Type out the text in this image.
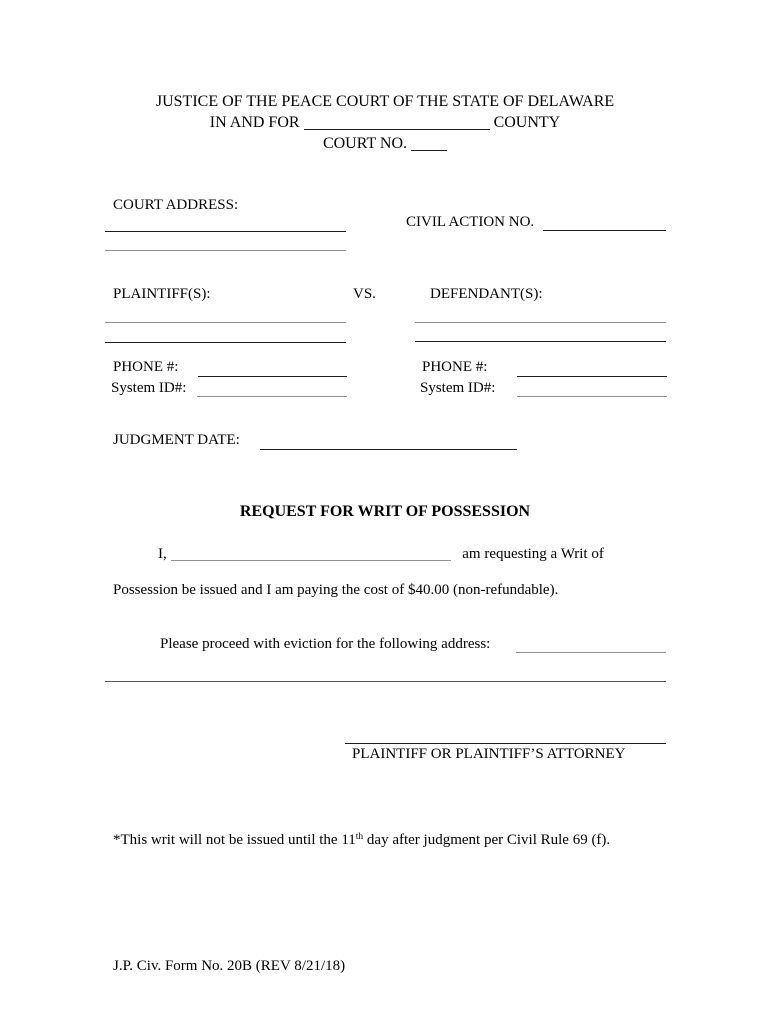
JUSTICE OF THE PEACE COURT OF THE STATE OF DELAWARE
IN AND FOR	COUNTY
COURT NO.
COURT ADDRESS:
CIVIL ACTION NO.
PLAINTIFF(S):	VS.	DEFENDANT(S):
PHONE #:
System ID#:
PHONE #:
System ID#:
JUDGMENT DATE:
REQUEST FOR WRIT OF POSSESSION
I,	am requesting a Writ of
Possession be issued and I am paying the cost of $40.00 (non-refundable).
Please proceed with eviction for the following address:
PLAINTIFF OR PLAINTIFF’S ATTORNEY
*This writ will not be issued until the 11th day after judgment per Civil Rule 69 (f).
J.P. Civ. Form No. 20B (REV 8/21/18)
